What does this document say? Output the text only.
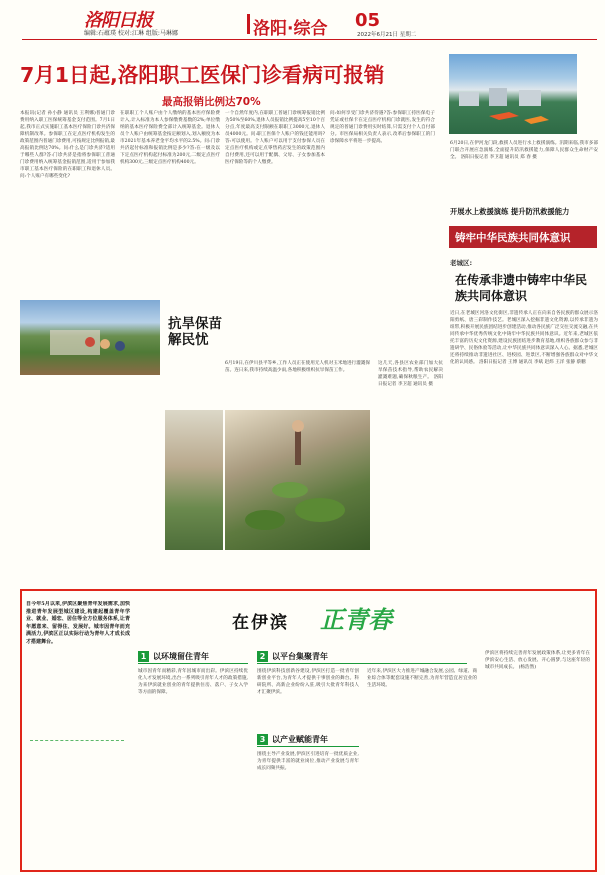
洛阳日报
编辑:石蕴璞 校对:江琳 组版:马琳娜	洛阳·综合 05
2022年6月21日 星期二
7月1日起,洛阳职工医保门诊看病可报销
最高报销比例达70%
本报讯(记者 孙小静 通讯员 王利娜)普通门诊费用纳入职工医保统筹基金支付范围。7月1日起,我市正式实施职工基本医疗保险门诊共济保障机制改革。参保职工在定点医疗机构发生的政策范围内普通门诊费用,可按规定比例报销,最高报销比例达70%。问:什么是门诊共济?适用于哪些人群?答:门诊共济是指将参保职工普通门诊费用纳入统筹基金报销范围,适用于参加我市职工基本医疗保险的在职职工和退休人员。问:个人账户有哪些变化?
在职职工个人账户由个人缴纳的基本医疗保险费计入,计入标准为本人参保缴费基数的2%;单位缴纳的基本医疗保险费全部计入统筹基金。退休人员个人账户由统筹基金按定额划入,划入额度为本市2021年基本养老金平均水平的2.5%。问:门诊共济起付标准和报销比例是多少?答:在一级及以下定点医疗机构起付标准为200元,二级定点医疗机构300元,三级定点医疗机构400元。
一个自然年度内,在职职工普通门诊统筹报销比例为50%至60%,退休人员报销比例提高5至10个百分点,年度最高支付限额在职职工3000元,退休人员4000元。问:职工医保个人账户的钱还能用吗?答:可以使用。个人账户可以用于支付参保人员在定点医疗机构或定点零售药店发生的政策范围内自付费用,还可以用于配偶、父母、子女参加基本医疗保险等的个人缴费。
问:如何享受门诊共济待遇?答:参保职工持医保电子凭证或社保卡在定点医疗机构门诊就医,发生的符合规定的普通门诊费用实时结算,只需支付个人自付部分。市医保局相关负责人表示,改革后参保职工的门诊保障水平将进一步提高。
抗旱保苗 解民忧
6月19日,在伊川县平等乡,工作人员正在使用无人机对玉米地进行灌溉保苗。连日来,我市持续高温少雨,各地积极组织抗旱保苗工作。
这几天,各县区农业部门加大抗旱保苗技术指导,帮助农民解决灌溉难题,确保秋粮生产。 洛阳日报记者 李卫超 通讯员 摄
开展水上救援演练 提升防汛救援能力
6月20日,在伊河龙门段,救援人员进行水上救援演练。汛期来临,我市多部门联合开展应急演练,全面提升防汛救援能力,保障人民群众生命财产安全。 洛阳日报记者 李卫超 通讯员 郑 春 摄
铸牢中华民族共同体意识
老城区:
在传承非遗中铸牢中华民族共同体意识
近日,在老城区河洛文化街区,非遗传承人正在向来自各民族的群众展示洛阳剪纸、唐三彩制作技艺。老城区深入挖掘非遗文化资源,以传承非遗为纽带,积极开展民族团结进步创建活动,推动各民族广泛交往交流交融,在共同传承中华优秀传统文化中铸牢中华民族共同体意识。近年来,老城区依托丰富的历史文化资源,建设民族团结进步教育基地,组织各族群众参与非遗研学、民俗体验等活动,让中华民族共同体意识深入人心。据悉,老城区还将持续推动非遗进社区、进校园、进景区,不断增强各族群众对中华文化的认同感。 洛阳日报记者 王博 通讯员 李斌 赵炜 王洋 张静 蔡鹏
自今年5月以来,伊滨区聚焦青年发展需求,加快推进青年发展型城区建设,构建起覆盖青年学业、就业、婚恋、居住等全方位服务体系,让青年愿意来、留得住、发展好。城市因青年而充满活力,伊滨区正以实际行动为青年人才成长成才搭建舞台。
在伊滨 正青春
1 以环境留住青年
城市因青年而精彩,青年因城市而出彩。伊滨区持续优化人才发展环境,出台一系列吸引青年人才的政策措施,为来伊滨就业创业的青年提供住房、落户、子女入学等方面的保障。
2 以平台集聚青年
围绕伊滨科技创新谷建设,伊滨区打造一批青年创新创业平台,为青年人才提供干事创业的舞台。科研院所、高新企业纷纷入驻,吸引大批青年科技人才汇聚伊滨。
3 以产业赋能青年
围绕主导产业发展,伊滨区引进培育一批优质企业,为青年提供丰富的就业岗位,推动产业发展与青年成长同频共振。
近年来,伊滨区大力推进产城融合发展,公园、绿道、商业综合体等配套设施不断完善,为青年营造宜居宜业的生活环境。
伊滨区将持续完善青年发展政策体系,让更多青年在伊滨安心生活、放心发展、开心圆梦,与这座年轻的城市共同成长。 (杨浩然)
